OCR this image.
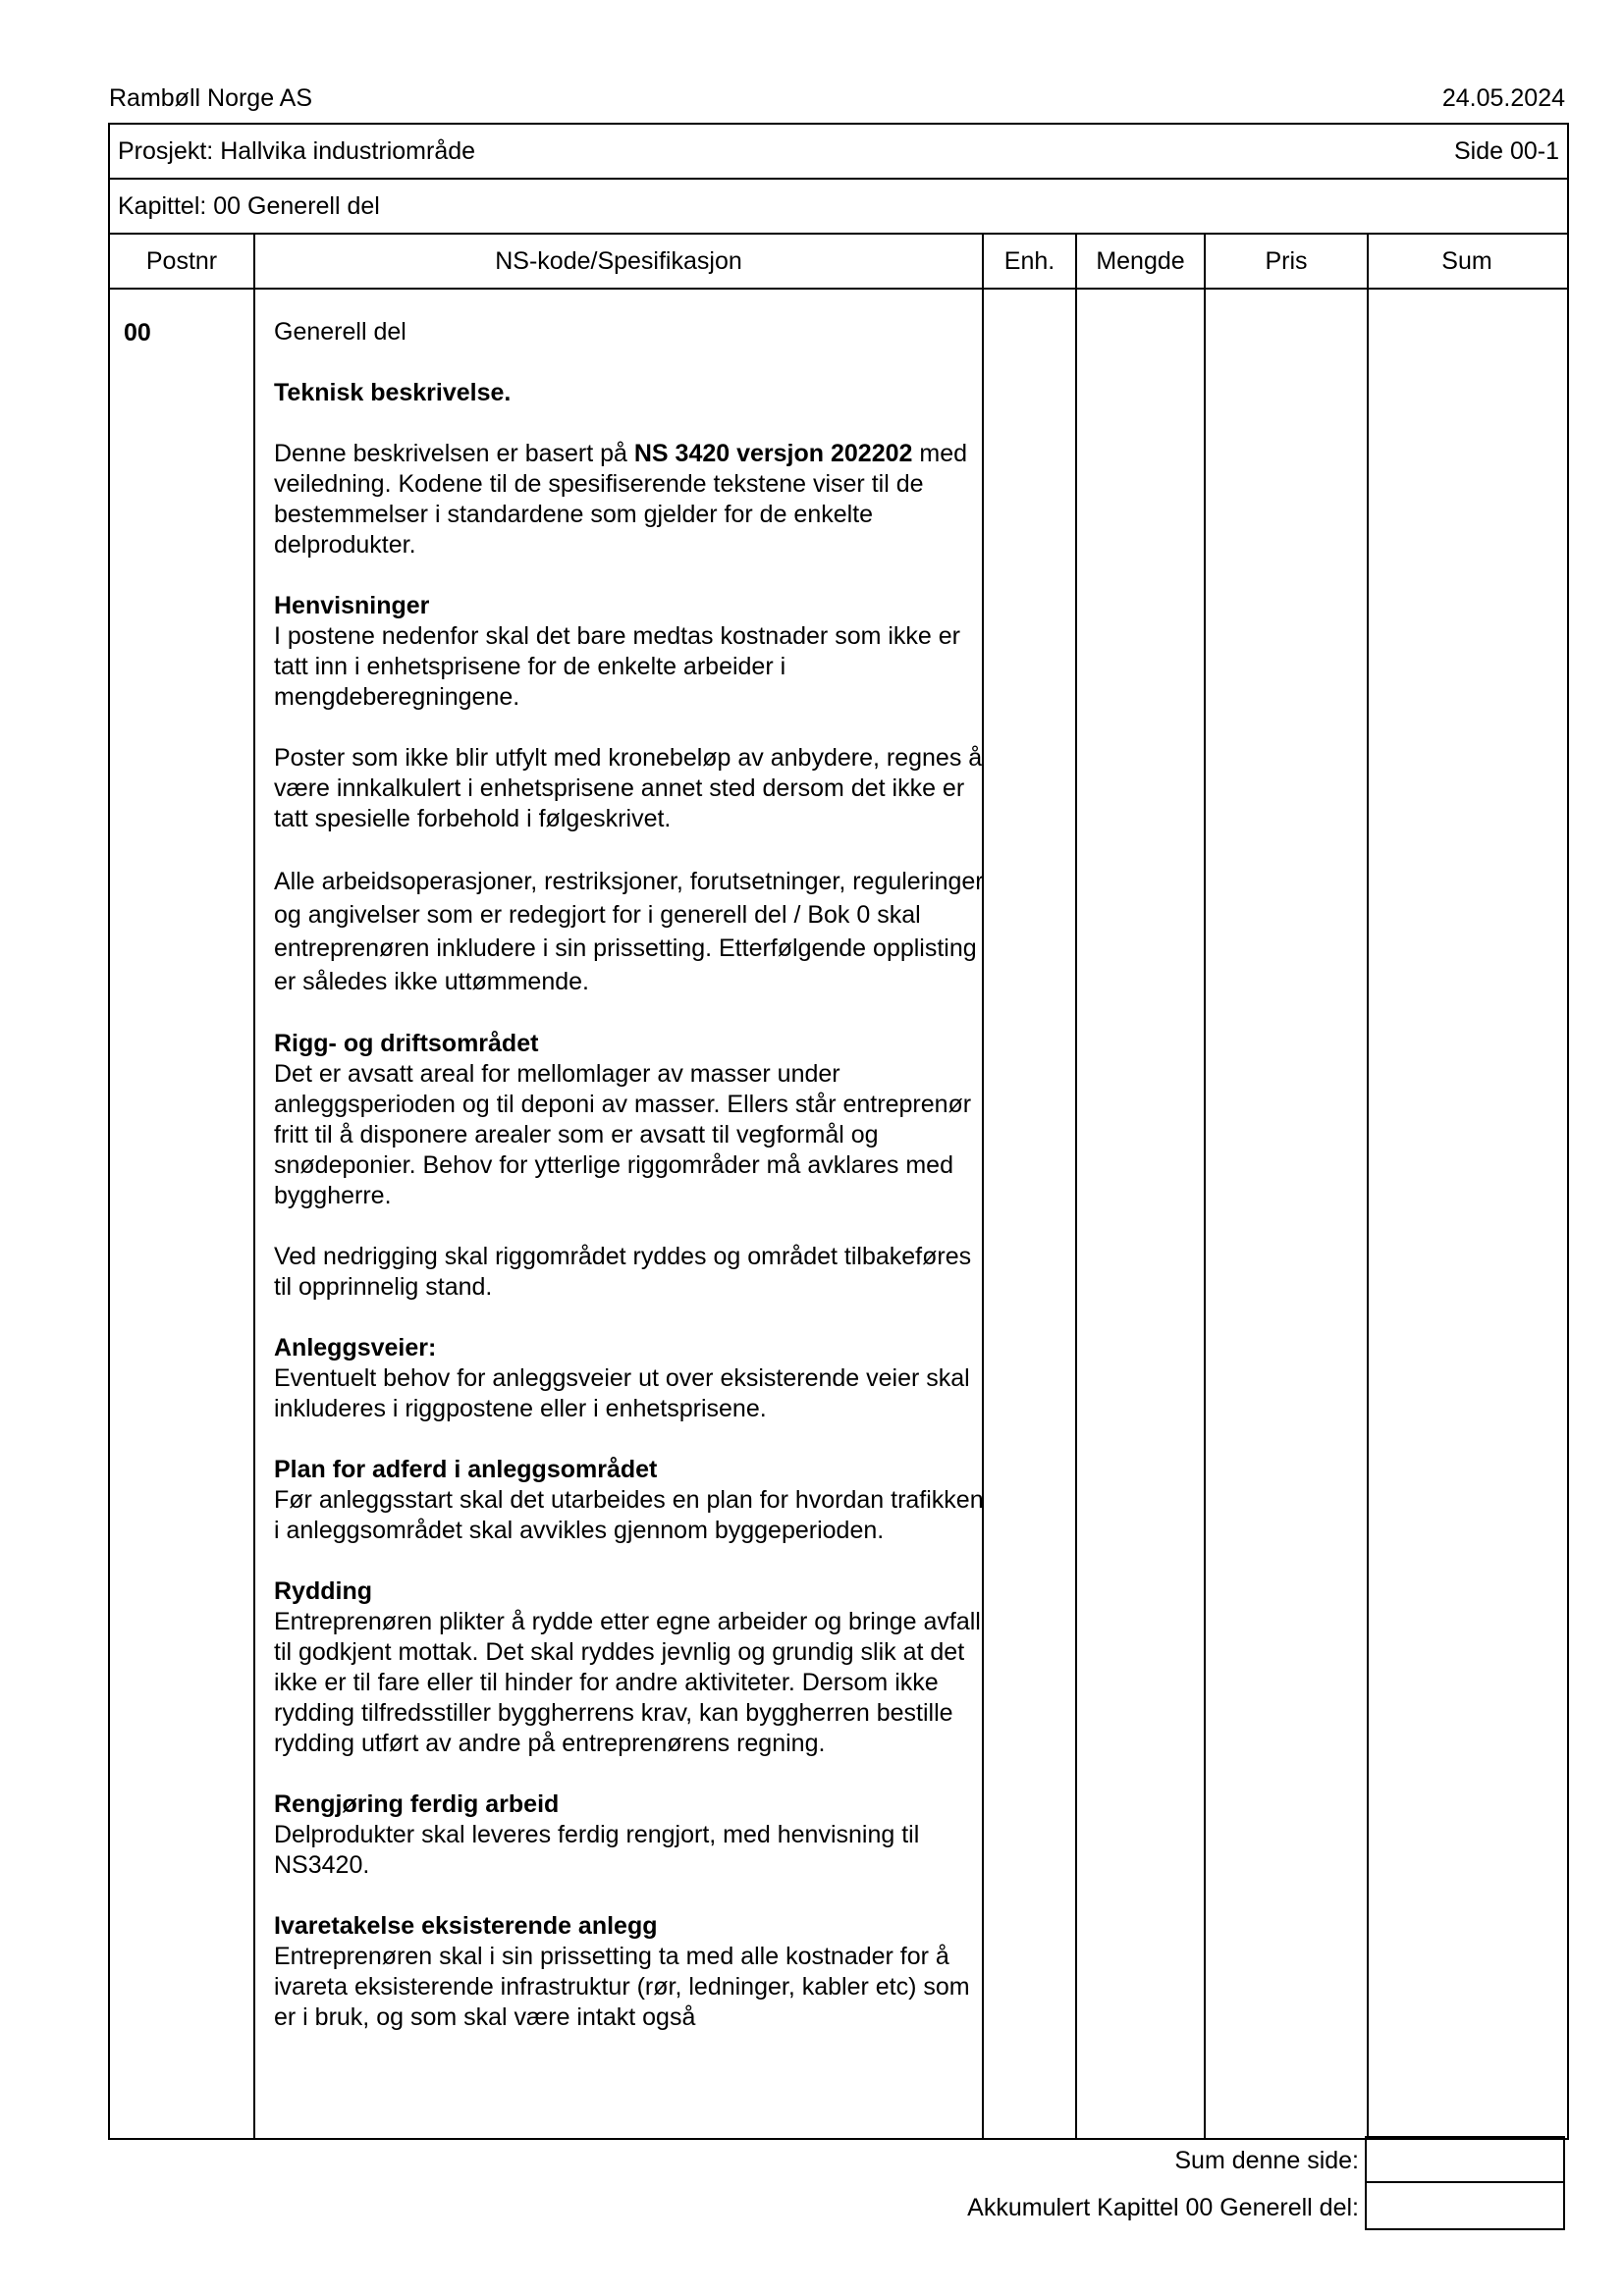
Rambøll Norge AS	24.05.2024
Prosjekt: Hallvika industriområde	Side 00-1
Kapittel: 00 Generell del
Postnr	NS-kode/Spesifikasjon	Enh.	Mengde	Pris	Sum
00	Generell del

Teknisk beskrivelse.

Denne beskrivelsen er basert på NS 3420 versjon 202202 med veiledning. Kodene til de spesifiserende tekstene viser til de bestemmelser i standardene som gjelder for de enkelte delprodukter.

Henvisninger

I postene nedenfor skal det bare medtas kostnader som ikke er tatt inn i enhetsprisene for de enkelte arbeider i mengdeberegningene.

Poster som ikke blir utfylt med kronebeløp av anbydere, regnes å være innkalkulert i enhetsprisene annet sted dersom det ikke er tatt spesielle forbehold i følgeskrivet.

Alle arbeidsoperasjoner, restriksjoner, forutsetninger, reguleringer og angivelser som er redegjort for i generell del / Bok 0 skal entreprenøren inkludere i sin prissetting. Etterfølgende opplisting er således ikke uttømmende.

Rigg- og driftsområdet

Det er avsatt areal for mellomlager av masser under anleggsperioden og til deponi av masser. Ellers står entreprenør fritt til å disponere arealer som er avsatt til vegformål og snødeponier. Behov for ytterlige riggområder må avklares med byggherre.

Ved nedrigging skal riggområdet ryddes og området tilbakeføres til opprinnelig stand.

Anleggsveier:

Eventuelt behov for anleggsveier ut over eksisterende veier skal inkluderes i riggpostene eller i enhetsprisene.

Plan for adferd i anleggsområdet

Før anleggsstart skal det utarbeides en plan for hvordan trafikken i anleggsområdet skal avvikles gjennom byggeperioden.

Rydding

Entreprenøren plikter å rydde etter egne arbeider og bringe avfall til godkjent mottak. Det skal ryddes jevnlig og grundig slik at det ikke er til fare eller til hinder for andre aktiviteter. Dersom ikke rydding tilfredsstiller byggherrens krav, kan byggherren bestille rydding utført av andre på entreprenørens regning.

Rengjøring ferdig arbeid

Delprodukter skal leveres ferdig rengjort, med henvisning til NS3420.

Ivaretakelse eksisterende anlegg

Entreprenøren skal i sin prissetting ta med alle kostnader for å ivareta eksisterende infrastruktur (rør, ledninger, kabler etc) som er i bruk, og som skal være intakt også

Sum denne side:
Akkumulert Kapittel 00 Generell del:
